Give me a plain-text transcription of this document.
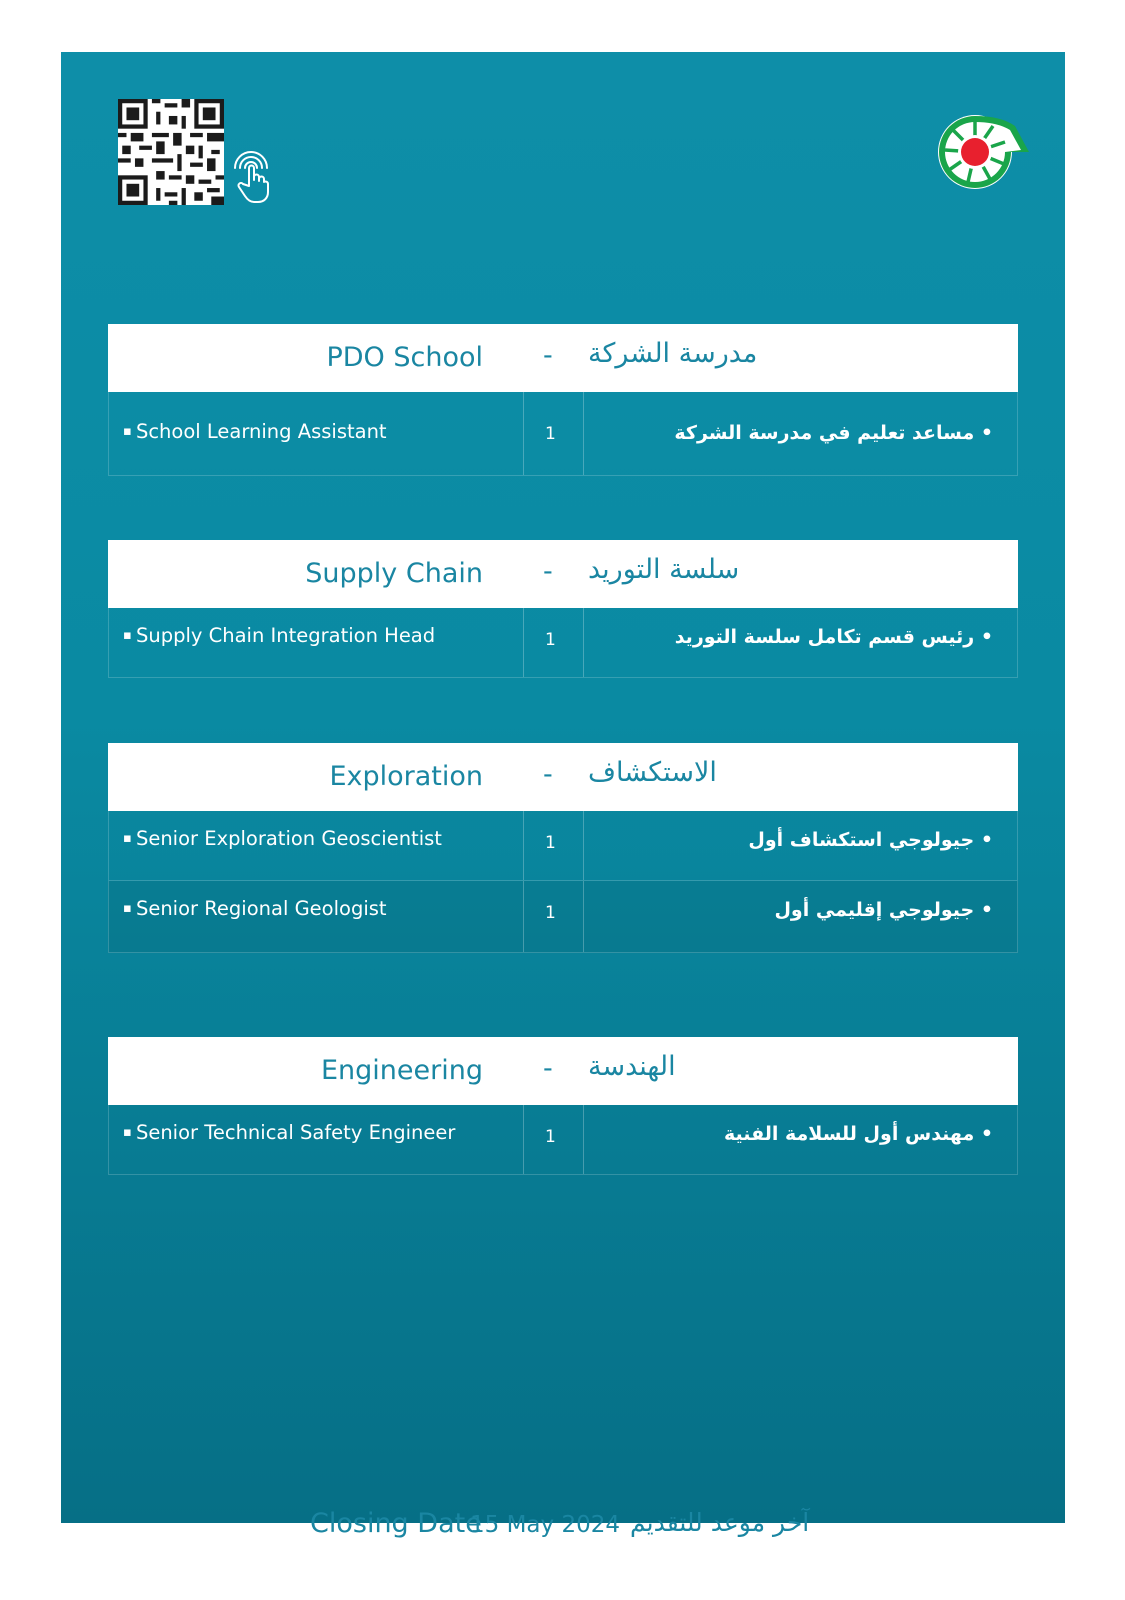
PDO School - مدرسة الشركة
▪ School Learning Assistant	1	• مساعد تعليم في مدرسة الشركة
Supply Chain - سلسة التوريد
▪ Supply Chain Integration Head	1	• رئيس قسم تكامل سلسة التوريد
Exploration - الاستكشاف
▪ Senior Exploration Geoscientist	1	• جيولوجي استكشاف أول
▪ Senior Regional Geologist	1	• جيولوجي إقليمي أول
Engineering - الهندسة
▪ Senior Technical Safety Engineer	1	• مهندس أول للسلامة الفنية
Closing Date
15 May 2024 آخر موعد للتقديم
